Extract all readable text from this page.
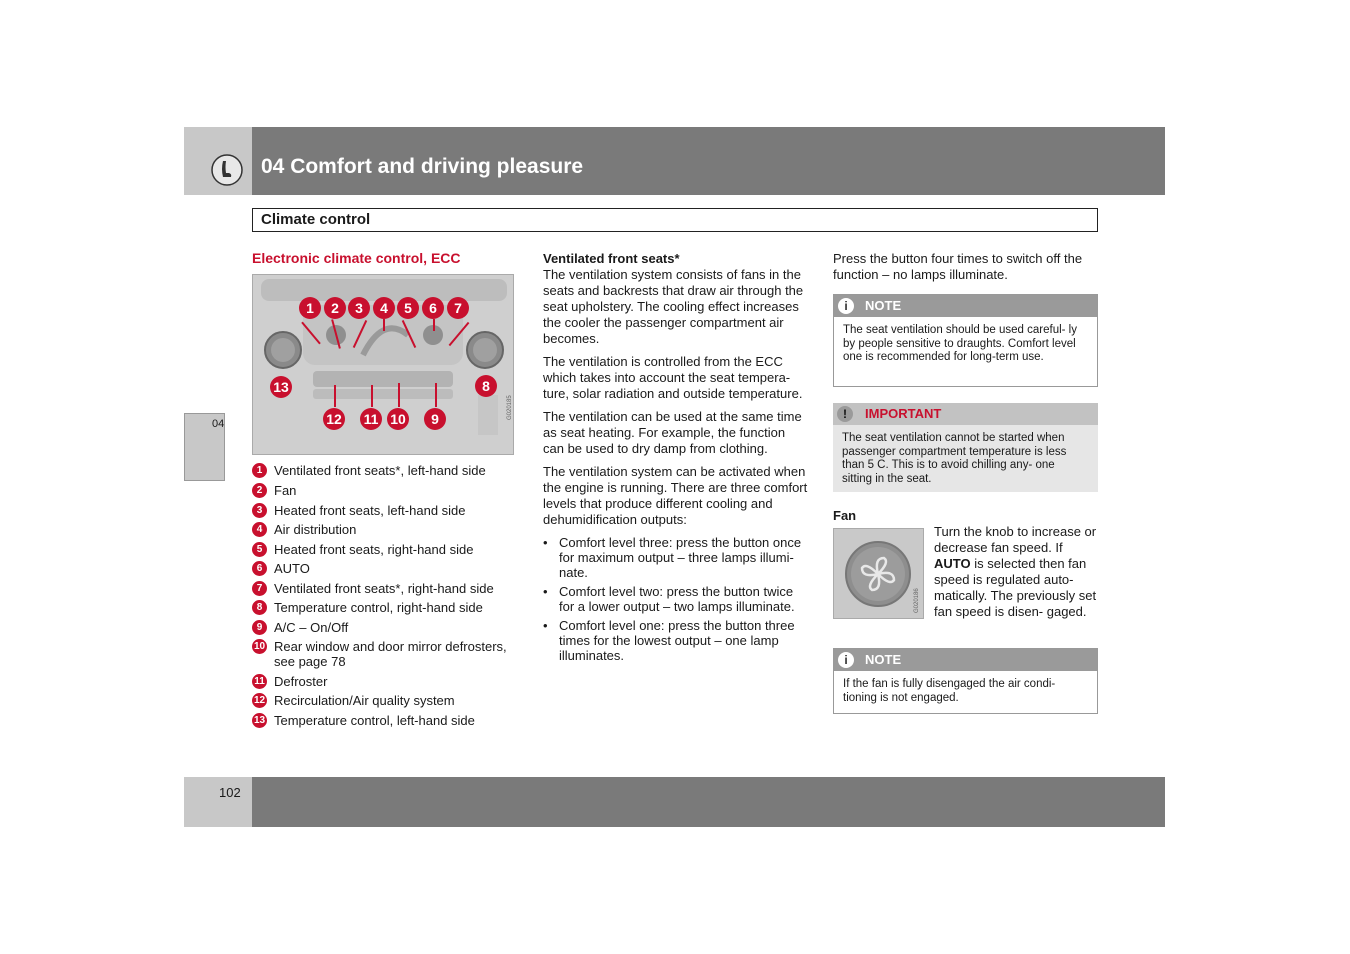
04 Comfort and driving pleasure
Climate control
04
Electronic climate control, ECC
G020185
1	2	3	4	5	6	7
8
9
10
11
12
13
1 Ventilated front seats*, left-hand side
2 Fan
3 Heated front seats, left-hand side
4 Air distribution
5 Heated front seats, right-hand side
6 AUTO
7 Ventilated front seats*, right-hand side
8 Temperature control, right-hand side
9 A/C – On/Off
10 Rear window and door mirror defrosters, see page 78
11 Defroster
12 Recirculation/Air quality system
13 Temperature control, left-hand side
Ventilated front seats*
The ventilation system consists of fans in the seats and backrests that draw air through the seat upholstery. The cooling effect increases the cooler the passenger compartment air becomes.
The ventilation is controlled from the ECC which takes into account the seat tempera- ture, solar radiation and outside temperature.
The ventilation can be used at the same time as seat heating. For example, the function can be used to dry damp from clothing.
The ventilation system can be activated when the engine is running. There are three comfort levels that produce different cooling and dehumidification outputs:
• Comfort level three: press the button once for maximum output – three lamps illumi- nate.
• Comfort level two: press the button twice for a lower output – two lamps illuminate.
• Comfort level one: press the button three times for the lowest output – one lamp illuminates.
Press the button four times to switch off the function – no lamps illuminate.
i	NOTE
The seat ventilation should be used careful- ly by people sensitive to draughts. Comfort level one is recommended for long-term use.
!	IMPORTANT
The seat ventilation cannot be started when passenger compartment temperature is less than 5 C. This is to avoid chilling any- one sitting in the seat.
Fan
G020186
Turn the knob to increase or decrease fan speed. If AUTO is selected then fan speed is regulated auto- matically. The previously set fan speed is disen- gaged.
i	NOTE
If the fan is fully disengaged the air condi- tioning is not engaged.
102
